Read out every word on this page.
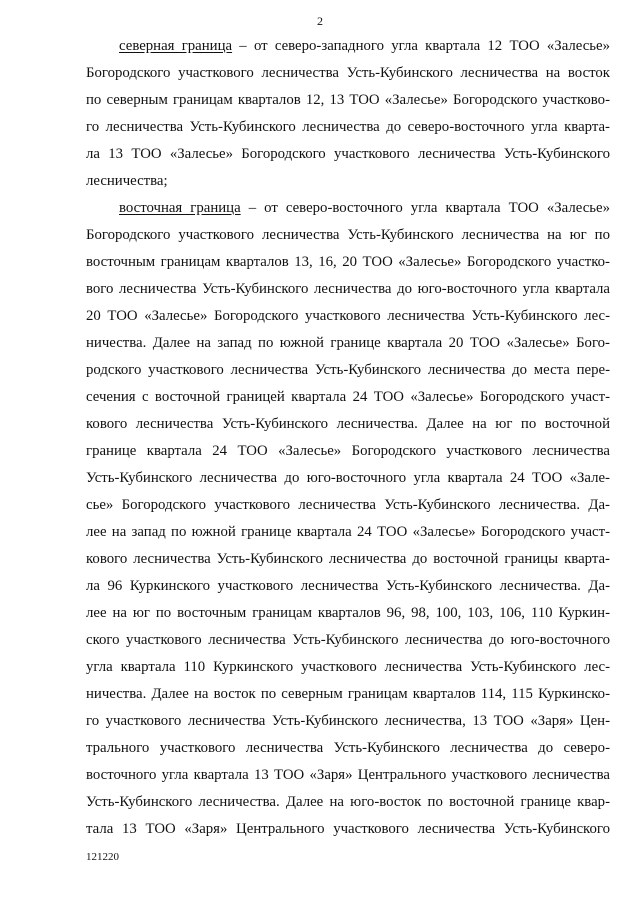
2
северная граница – от северо-западного угла квартала 12 ТОО «Залесье»
Богородского участкового лесничества Усть-Кубинского лесничества на восток
по северным границам кварталов 12, 13 ТОО «Залесье» Богородского участково-
го лесничества Усть-Кубинского лесничества до северо-восточного угла кварта-
ла 13 ТОО «Залесье» Богородского участкового лесничества Усть-Кубинского
лесничества;
восточная граница – от северо-восточного угла квартала ТОО «Залесье»
Богородского участкового лесничества Усть-Кубинского лесничества на юг по
восточным границам кварталов 13, 16, 20 ТОО «Залесье» Богородского участко-
вого лесничества Усть-Кубинского лесничества до юго-восточного угла квартала
20 ТОО «Залесье» Богородского участкового лесничества Усть-Кубинского лес-
ничества. Далее на запад по южной границе квартала 20 ТОО «Залесье» Бого-
родского участкового лесничества Усть-Кубинского лесничества до места пере-
сечения с восточной границей квартала 24 ТОО «Залесье» Богородского участ-
кового лесничества Усть-Кубинского лесничества. Далее на юг по восточной
границе квартала 24 ТОО «Залесье» Богородского участкового лесничества
Усть-Кубинского лесничества до юго-восточного угла квартала 24 ТОО «Зале-
сье» Богородского участкового лесничества Усть-Кубинского лесничества. Да-
лее на запад по южной границе квартала 24 ТОО «Залесье» Богородского участ-
кового лесничества Усть-Кубинского лесничества до восточной границы кварта-
ла 96 Куркинского участкового лесничества Усть-Кубинского лесничества. Да-
лее на юг по восточным границам кварталов 96, 98, 100, 103, 106, 110 Куркин-
ского участкового лесничества Усть-Кубинского лесничества до юго-восточного
угла квартала 110 Куркинского участкового лесничества Усть-Кубинского лес-
ничества. Далее на восток по северным границам кварталов 114, 115 Куркинско-
го участкового лесничества Усть-Кубинского лесничества, 13 ТОО «Заря» Цен-
трального участкового лесничества Усть-Кубинского лесничества до северо-
восточного угла квартала 13 ТОО «Заря» Центрального участкового лесничества
Усть-Кубинского лесничества. Далее на юго-восток по восточной границе квар-
тала 13 ТОО «Заря» Центрального участкового лесничества Усть-Кубинского
121220
